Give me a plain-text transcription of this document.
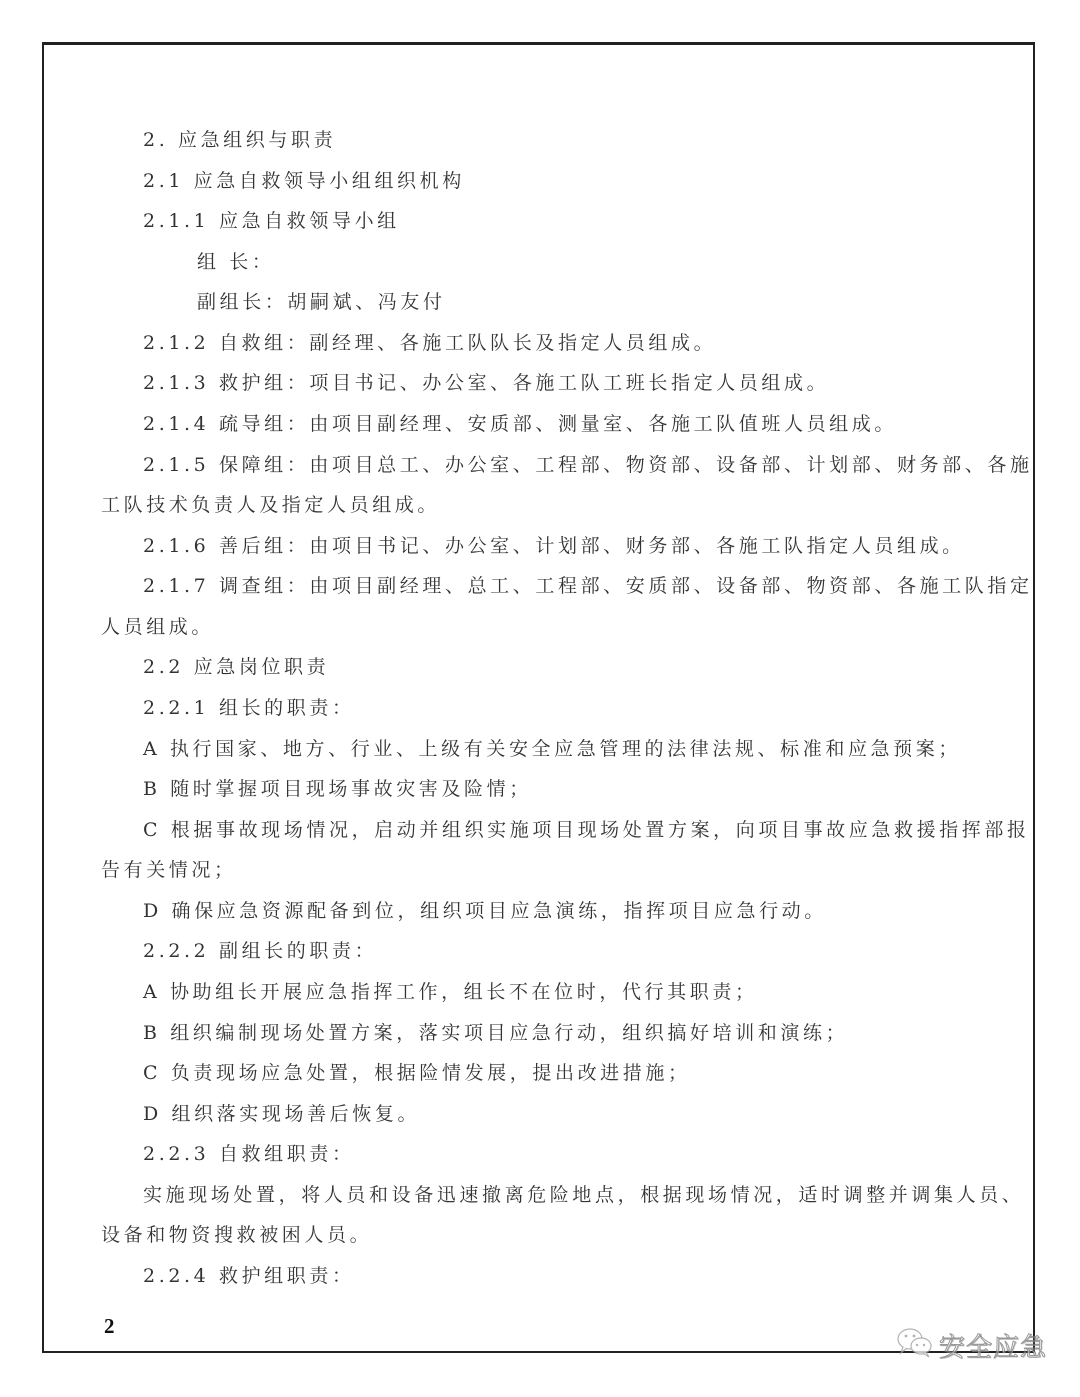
2. 应急组织与职责
2.1 应急自救领导小组组织机构
2.1.1 应急自救领导小组
组 长：
副组长：胡嗣斌、冯友付
2.1.2 自救组：副经理、各施工队队长及指定人员组成。
2.1.3 救护组：项目书记、办公室、各施工队工班长指定人员组成。
2.1.4 疏导组：由项目副经理、安质部、测量室、各施工队值班人员组成。
2.1.5 保障组：由项目总工、办公室、工程部、物资部、设备部、计划部、财务部、各施
工队技术负责人及指定人员组成。
2.1.6 善后组：由项目书记、办公室、计划部、财务部、各施工队指定人员组成。
2.1.7 调查组：由项目副经理、总工、工程部、安质部、设备部、物资部、各施工队指定
人员组成。
2.2 应急岗位职责
2.2.1 组长的职责：
A 执行国家、地方、行业、上级有关安全应急管理的法律法规、标准和应急预案；
B 随时掌握项目现场事故灾害及险情；
C 根据事故现场情况，启动并组织实施项目现场处置方案，向项目事故应急救援指挥部报
告有关情况；
D 确保应急资源配备到位，组织项目应急演练，指挥项目应急行动。
2.2.2 副组长的职责：
A 协助组长开展应急指挥工作，组长不在位时，代行其职责；
B 组织编制现场处置方案，落实项目应急行动，组织搞好培训和演练；
C 负责现场应急处置，根据险情发展，提出改进措施；
D 组织落实现场善后恢复。
2.2.3 自救组职责：
实施现场处置，将人员和设备迅速撤离危险地点，根据现场情况，适时调整并调集人员、
设备和物资搜救被困人员。
2.2.4 救护组职责：
2
安全应急
